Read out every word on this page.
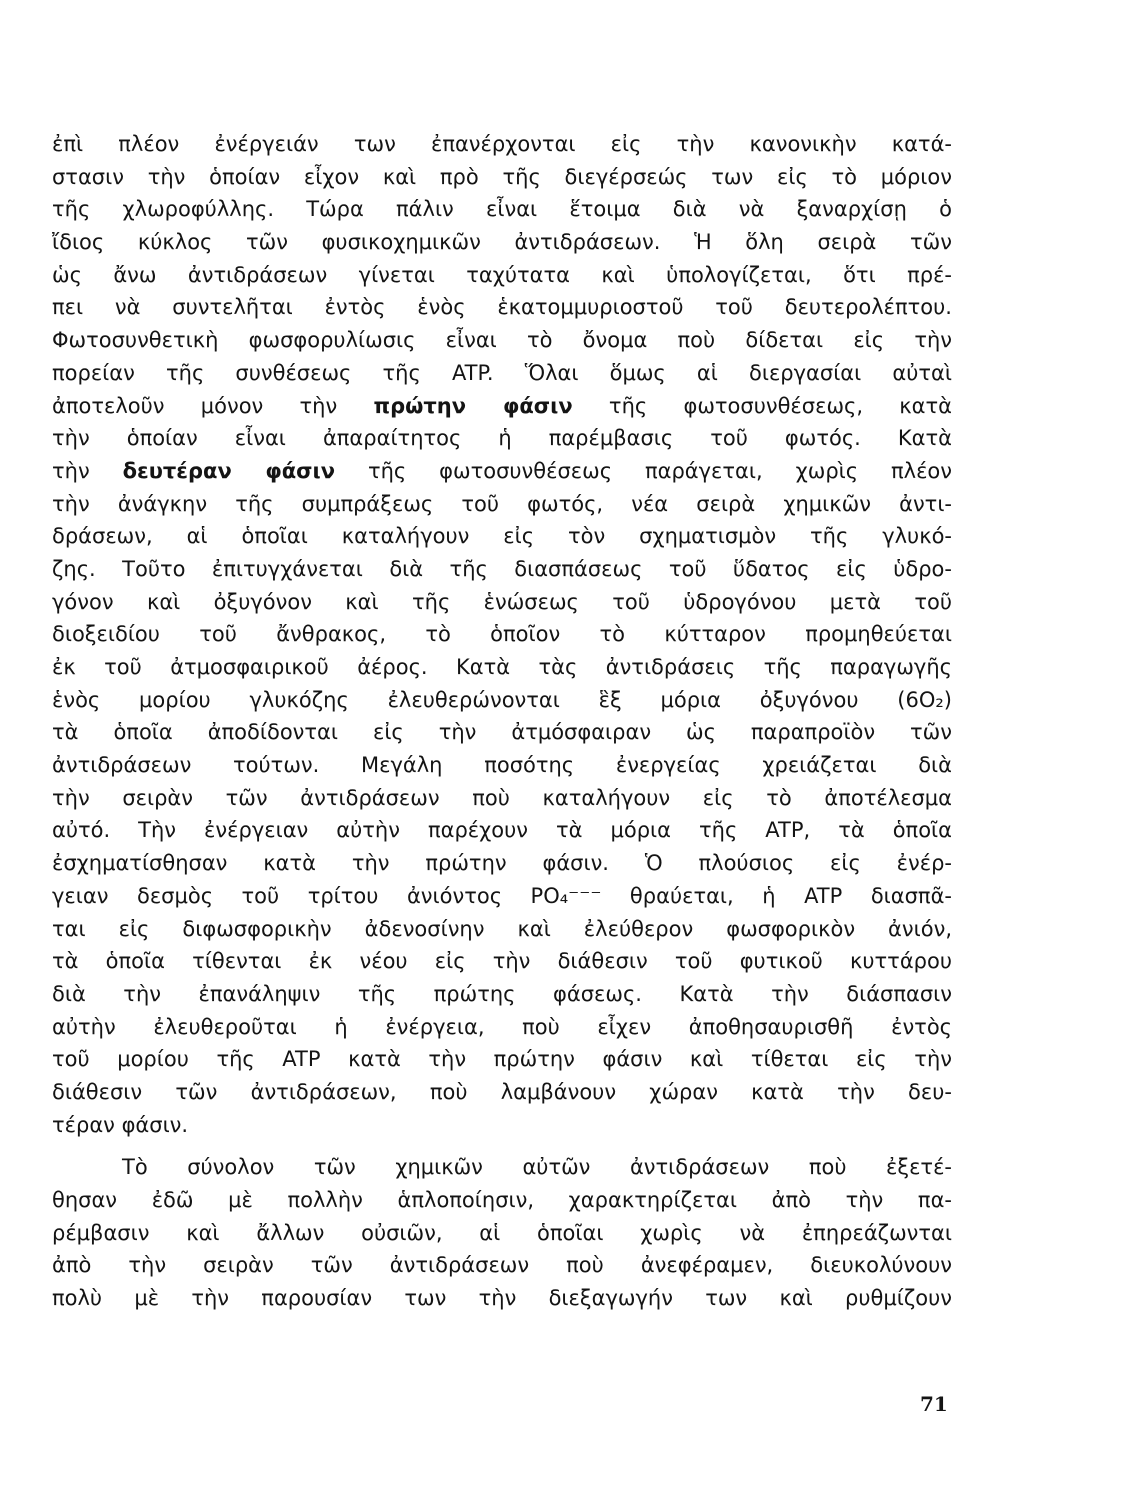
ἐπὶ πλέον ἐνέργειάν των ἐπανέρχονται εἰς τὴν κανονικὴν κατά-
στασιν τὴν ὁποίαν εἶχον καὶ πρὸ τῆς διεγέρσεώς των εἰς τὸ μόριον
τῆς χλωροφύλλης. Τώρα πάλιν εἶναι ἕτοιμα διὰ νὰ ξαναρχίσῃ ὁ
ἴδιος κύκλος τῶν φυσικοχημικῶν ἀντιδράσεων. Ἡ ὅλη σειρὰ τῶν
ὡς ἄνω ἀντιδράσεων γίνεται ταχύτατα καὶ ὑπολογίζεται, ὅτι πρέ-
πει νὰ συντελῆται ἐντὸς ἑνὸς ἑκατομμυριοστοῦ τοῦ δευτερολέπτου.
Φωτοσυνθετικὴ φωσφορυλίωσις εἶναι τὸ ὄνομα ποὺ δίδεται εἰς τὴν
πορείαν τῆς συνθέσεως τῆς ATP. Ὅλαι ὅμως αἱ διεργασίαι αὐταὶ
ἀποτελοῦν μόνον τὴν πρώτην φάσιν τῆς φωτοσυνθέσεως, κατὰ
τὴν ὁποίαν εἶναι ἀπαραίτητος ἡ παρέμβασις τοῦ φωτός. Κατὰ
τὴν δευτέραν φάσιν τῆς φωτοσυνθέσεως παράγεται, χωρὶς πλέον
τὴν ἀνάγκην τῆς συμπράξεως τοῦ φωτός, νέα σειρὰ χημικῶν ἀντι-
δράσεων, αἱ ὁποῖαι καταλήγουν εἰς τὸν σχηματισμὸν τῆς γλυκό-
ζης. Τοῦτο ἐπιτυγχάνεται διὰ τῆς διασπάσεως τοῦ ὕδατος εἰς ὑδρο-
γόνον καὶ ὀξυγόνον καὶ τῆς ἑνώσεως τοῦ ὑδρογόνου μετὰ τοῦ
διοξειδίου τοῦ ἄνθρακος, τὸ ὁποῖον τὸ κύτταρον προμηθεύεται
ἐκ τοῦ ἀτμοσφαιρικοῦ ἀέρος. Κατὰ τὰς ἀντιδράσεις τῆς παραγωγῆς
ἑνὸς μορίου γλυκόζης ἐλευθερώνονται ἓξ μόρια ὀξυγόνου (6O₂)
τὰ ὁποῖα ἀποδίδονται εἰς τὴν ἀτμόσφαιραν ὡς παραπροϊὸν τῶν
ἀντιδράσεων τούτων. Μεγάλη ποσότης ἐνεργείας χρειάζεται διὰ
τὴν σειρὰν τῶν ἀντιδράσεων ποὺ καταλήγουν εἰς τὸ ἀποτέλεσμα
αὐτό. Τὴν ἐνέργειαν αὐτὴν παρέχουν τὰ μόρια τῆς ATP, τὰ ὁποῖα
ἐσχηματίσθησαν κατὰ τὴν πρώτην φάσιν. Ὁ πλούσιος εἰς ἐνέρ-
γειαν δεσμὸς τοῦ τρίτου ἀνιόντος PO₄⁻⁻⁻ θραύεται, ἡ ATP διασπᾶ-
ται εἰς διφωσφορικὴν ἀδενοσίνην καὶ ἐλεύθερον φωσφορικὸν ἀνιόν,
τὰ ὁποῖα τίθενται ἐκ νέου εἰς τὴν διάθεσιν τοῦ φυτικοῦ κυττάρου
διὰ τὴν ἐπανάληψιν τῆς πρώτης φάσεως. Κατὰ τὴν διάσπασιν
αὐτὴν ἐλευθεροῦται ἡ ἐνέργεια, ποὺ εἶχεν ἀποθησαυρισθῆ ἐντὸς
τοῦ μορίου τῆς ATP κατὰ τὴν πρώτην φάσιν καὶ τίθεται εἰς τὴν
διάθεσιν τῶν ἀντιδράσεων, ποὺ λαμβάνουν χώραν κατὰ τὴν δευ-
τέραν φάσιν.
Τὸ σύνολον τῶν χημικῶν αὐτῶν ἀντιδράσεων ποὺ ἐξετέ-
θησαν ἐδῶ μὲ πολλὴν ἁπλοποίησιν, χαρακτηρίζεται ἀπὸ τὴν πα-
ρέμβασιν καὶ ἄλλων οὐσιῶν, αἱ ὁποῖαι χωρὶς νὰ ἐπηρεάζωνται
ἀπὸ τὴν σειρὰν τῶν ἀντιδράσεων ποὺ ἀνεφέραμεν, διευκολύνουν
πολὺ μὲ τὴν παρουσίαν των τὴν διεξαγωγήν των καὶ ρυθμίζουν
71
